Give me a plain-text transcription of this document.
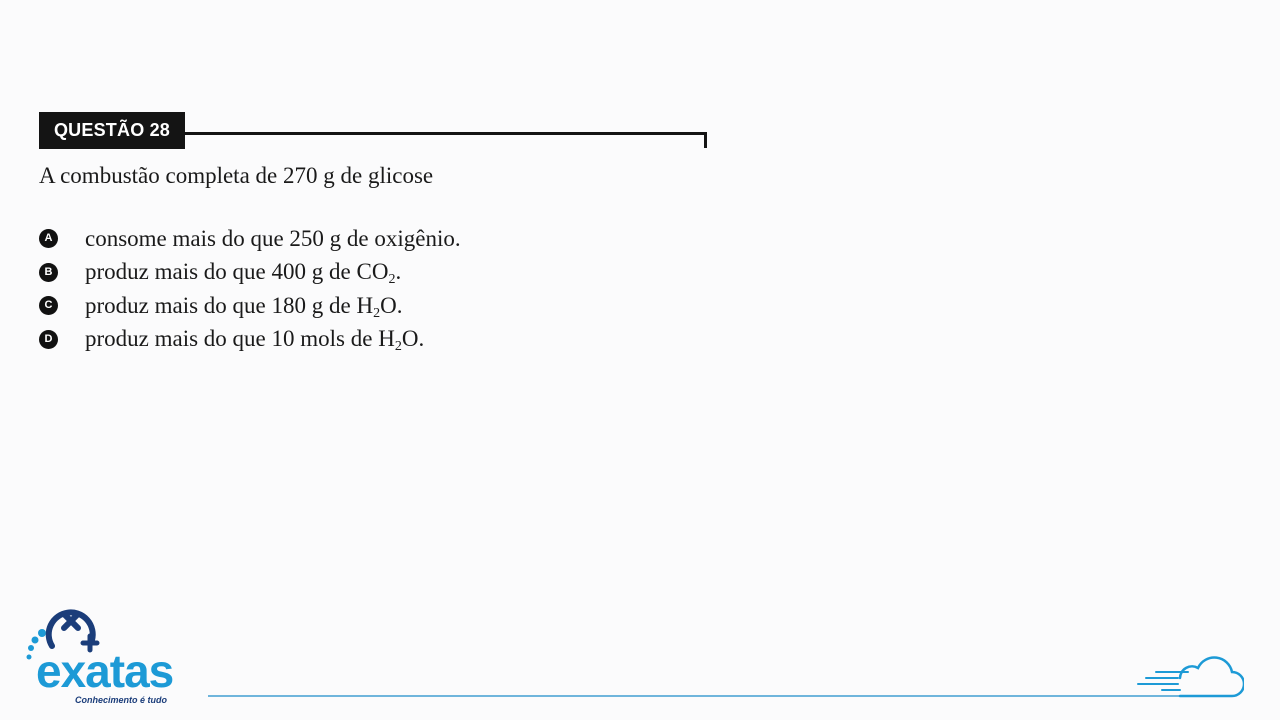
QUESTÃO 28
A combustão completa de 270 g de glicose
A consome mais do que 250 g de oxigênio.
B produz mais do que 400 g de $CO_2$.
C produz mais do que 180 g de $H_2O$.
D produz mais do que 10 mols de $H_2O$.
exatas
Conhecimento é tudo
